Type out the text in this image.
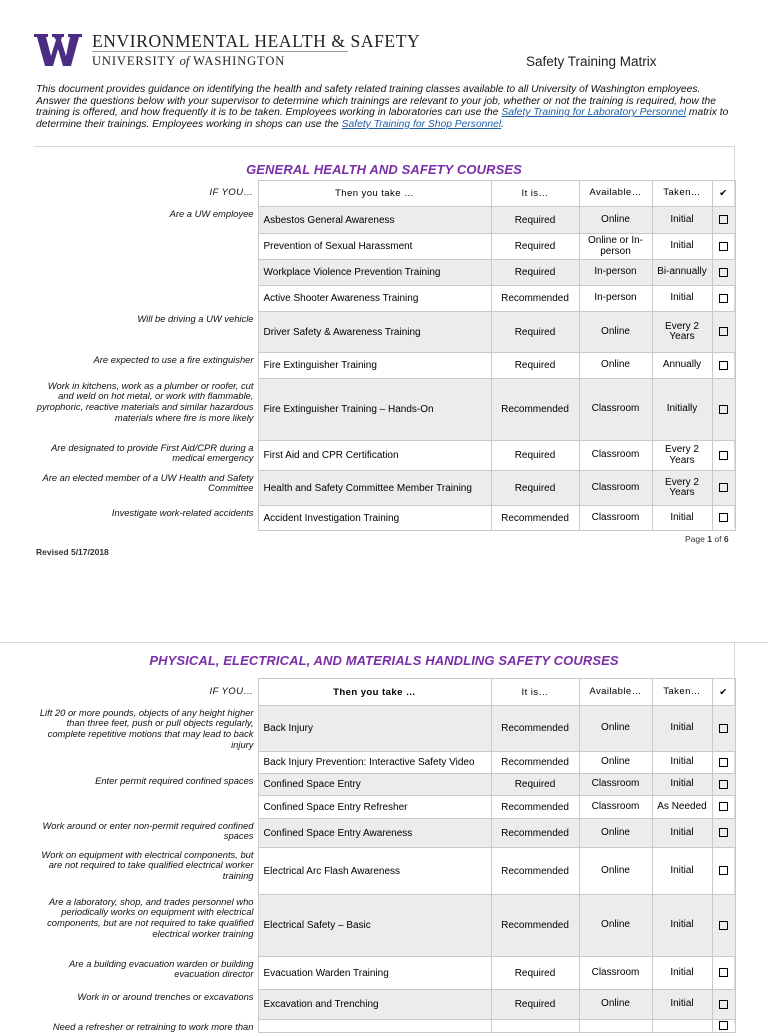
ENVIRONMENTAL HEALTH & SAFETY
UNIVERSITY of WASHINGTON	Safety Training Matrix
This document provides guidance on identifying the health and safety related training classes available to all University of Washington employees. Answer the questions below with your supervisor to determine which trainings are relevant to your job, whether or not the training is required, how the training is offered, and how frequently it is to be taken. Employees working in laboratories can use the Safety Training for Laboratory Personnel matrix to determine their trainings. Employees working in shops can use the Safety Training for Shop Personnel.
GENERAL HEALTH AND SAFETY COURSES
IF YOU…	Then you take …	It is…	Available…	Taken…	✔
Are a UW employee	Asbestos General Awareness	Required	Online	Initial	
	Prevention of Sexual Harassment	Required	Online or In-person	Initial	
	Workplace Violence Prevention Training	Required	In-person	Bi-annually	
	Active Shooter Awareness Training	Recommended	In-person	Initial	
Will be driving a UW vehicle	Driver Safety & Awareness Training	Required	Online	Every 2 Years	
Are expected to use a fire extinguisher	Fire Extinguisher Training	Required	Online	Annually	
Work in kitchens, work as a plumber or roofer, cut and weld on hot metal, or work with flammable, pyrophoric, reactive materials and similar hazardous materials where fire is more likely	Fire Extinguisher Training – Hands-On	Recommended	Classroom	Initially	
Are designated to provide First Aid/CPR during a medical emergency	First Aid and CPR Certification	Required	Classroom	Every 2 Years	
Are an elected member of a UW Health and Safety Committee	Health and Safety Committee Member Training	Required	Classroom	Every 2 Years	
Investigate work-related accidents	Accident Investigation Training	Recommended	Classroom	Initial	
Page 1 of 6
Revised 5/17/2018
PHYSICAL, ELECTRICAL, AND MATERIALS HANDLING SAFETY COURSES
IF YOU…	Then you take …	It is…	Available…	Taken…	✔
Lift 20 or more pounds, objects of any height higher than three feet, push or pull objects regularly, complete repetitive motions that may lead to back injury	Back Injury	Recommended	Online	Initial	
	Back Injury Prevention: Interactive Safety Video	Recommended	Online	Initial	
Enter permit required confined spaces	Confined Space Entry	Required	Classroom	Initial	
	Confined Space Entry Refresher	Recommended	Classroom	As Needed	
Work around or enter non-permit required confined spaces	Confined Space Entry Awareness	Recommended	Online	Initial	
Work on equipment with electrical components, but are not required to take qualified electrical worker training	Electrical Arc Flash Awareness	Recommended	Online	Initial	
Are a laboratory, shop, and trades personnel who periodically works on equipment with electrical components, but are not required to take qualified electrical worker training	Electrical Safety – Basic	Recommended	Online	Initial	
Are a building evacuation warden or building evacuation director	Evacuation Warden Training	Required	Classroom	Initial	
Work in or around trenches or excavations	Excavation and Trenching	Required	Online	Initial	
Need a refresher or retraining to work more than					
